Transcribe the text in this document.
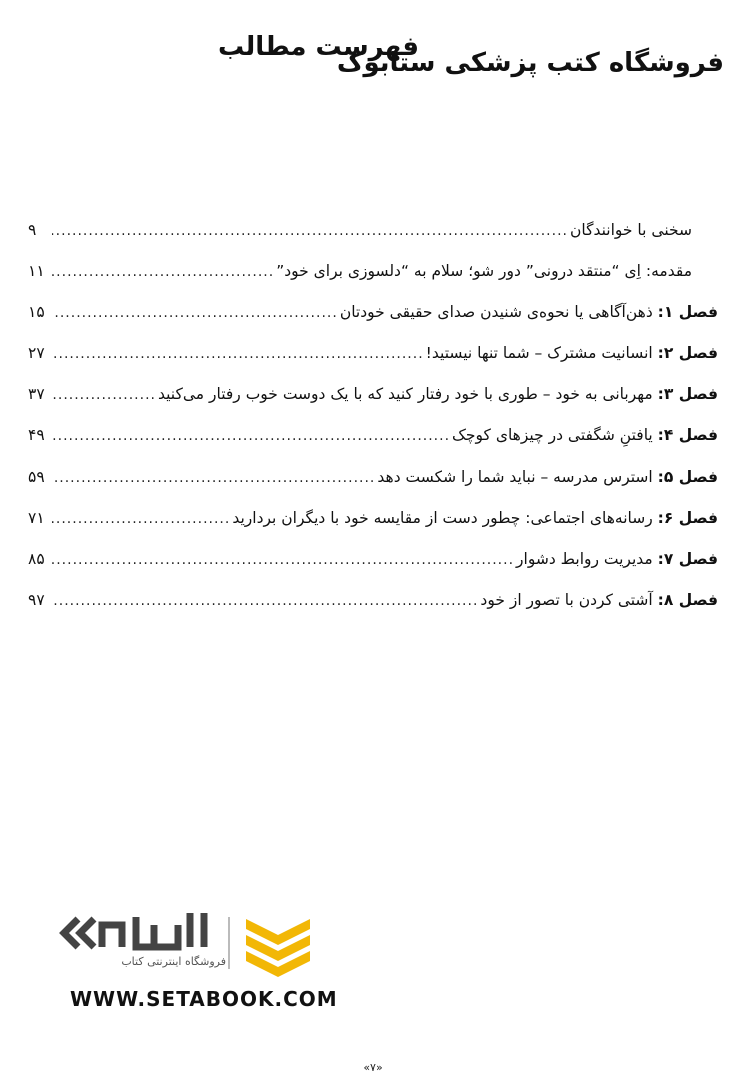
فهرست مطالب
فروشگاه کتب پزشکی ستابوک
سخنی با خوانندگان
.....
۹
مقدمه: اِی “منتقد درونی” دور شو؛ سلام به “دلسوزی برای خود”
.....
۱۱
فصل ۱: ذهن‌آگاهی یا نحوه‌ی شنیدن صدای حقیقی خودتان
.....
۱۵
فصل ۲: انسانیت مشترک – شما تنها نیستید!
.....
۲۷
فصل ۳: مهربانی به خود – طوری با خود رفتار کنید که با یک دوست خوب رفتار می‌کنید
.....
۳۷
فصل ۴: یافتنِ شگفتی در چیزهای کوچک
.....
۴۹
فصل ۵: استرس مدرسه – نباید شما را شکست دهد
.....
۵۹
فصل ۶: رسانه‌های اجتماعی: چطور دست از مقایسه خود با دیگران بردارید
.....
۷۱
فصل ۷: مدیریت روابط دشوار
.....
۸۵
فصل ۸: آشتی کردن با تصور از خود
.....
۹۷
فروشگاه اینترنتی کتاب
WWW.SETABOOK.COM
«۷»
